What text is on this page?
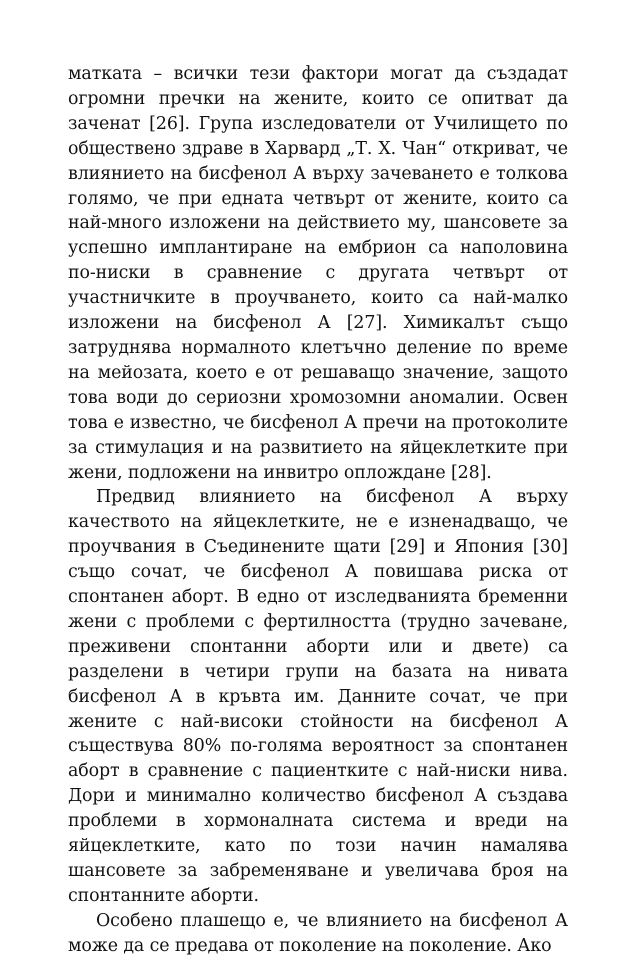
матката – всички тези фактори могат да създадат огромни пречки на жените, които се опитват да заченат [26]. Група изследователи от Училището по обществено здраве в Харвард „Т. Х. Чан“ откриват, че влиянието на бисфенол А върху зачеването е толкова голямо, че при едната четвърт от жените, които са най-много изложени на действието му, шансовете за успешно имплантиране на ембрион са наполовина по-ниски в сравнение с другата четвърт от участничките в проучването, които са най-малко изложени на бисфенол А [27]. Химикалът също затруднява нормалното клетъчно деление по време на мейозата, което е от решаващо значение, защото това води до сериозни хромозомни аномалии. Освен това е известно, че бисфенол А пречи на протоколите за стимулация и на развитието на яйцеклетките при жени, подложени на инвитро оплождане [28].

Предвид влиянието на бисфенол А върху качеството на яйцеклетките, не е изненадващо, че проучвания в Съединените щати [29] и Япония [30] също сочат, че бисфенол А повишава риска от спонтанен аборт. В едно от изследванията бременни жени с проблеми с фертилността (трудно зачеване, преживени спонтанни аборти или и двете) са разделени в четири групи на базата на нивата бисфенол А в кръвта им. Данните сочат, че при жените с най-високи стойности на бисфенол А съществува 80% по-голяма вероятност за спонтанен аборт в сравнение с пациентките с най-ниски нива. Дори и минимално количество бисфенол А създава проблеми в хормоналната система и вреди на яйцеклетките, като по този начин намалява шансовете за забременяване и увеличава броя на спонтанните аборти.

Особено плашещо е, че влиянието на бисфенол А може да се предава от поколение на поколение. Ако
